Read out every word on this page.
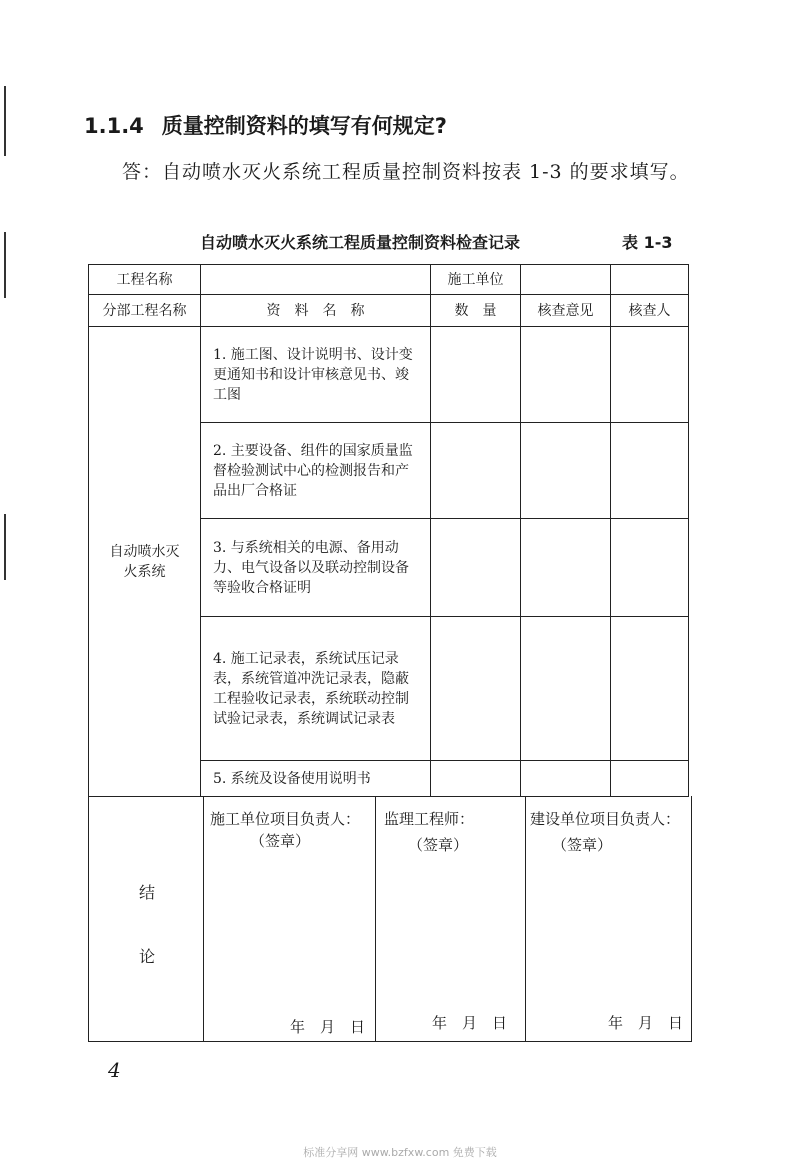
1.1.4 质量控制资料的填写有何规定?
答：自动喷水灭火系统工程质量控制资料按表 1-3 的要求填写。
自动喷水灭火系统工程质量控制资料检查记录	表 1-3
工程名称		施工单位		
分部工程名称	资　料　名　称	数　量	核查意见	核查人

自动喷水灭火系统	1. 施工图、设计说明书、设计变更通知书和设计审核意见书、竣工图			
	2. 主要设备、组件的国家质量监督检验测试中心的检测报告和产品出厂合格证			
	3. 与系统相关的电源、备用动力、电气设备以及联动控制设备等验收合格证明			
	4. 施工记录表，系统试压记录表，系统管道冲洗记录表，隐蔽工程验收记录表，系统联动控制试验记录表，系统调试记录表			
	5. 系统及设备使用说明书			
结
论
施工单位项目负责人：
（签章）
年　月　日
监理工程师：
（签章）
年　月　日
建设单位项目负责人：
（签章）
年　月　日
4
标准分享网 www.bzfxw.com 免费下载
